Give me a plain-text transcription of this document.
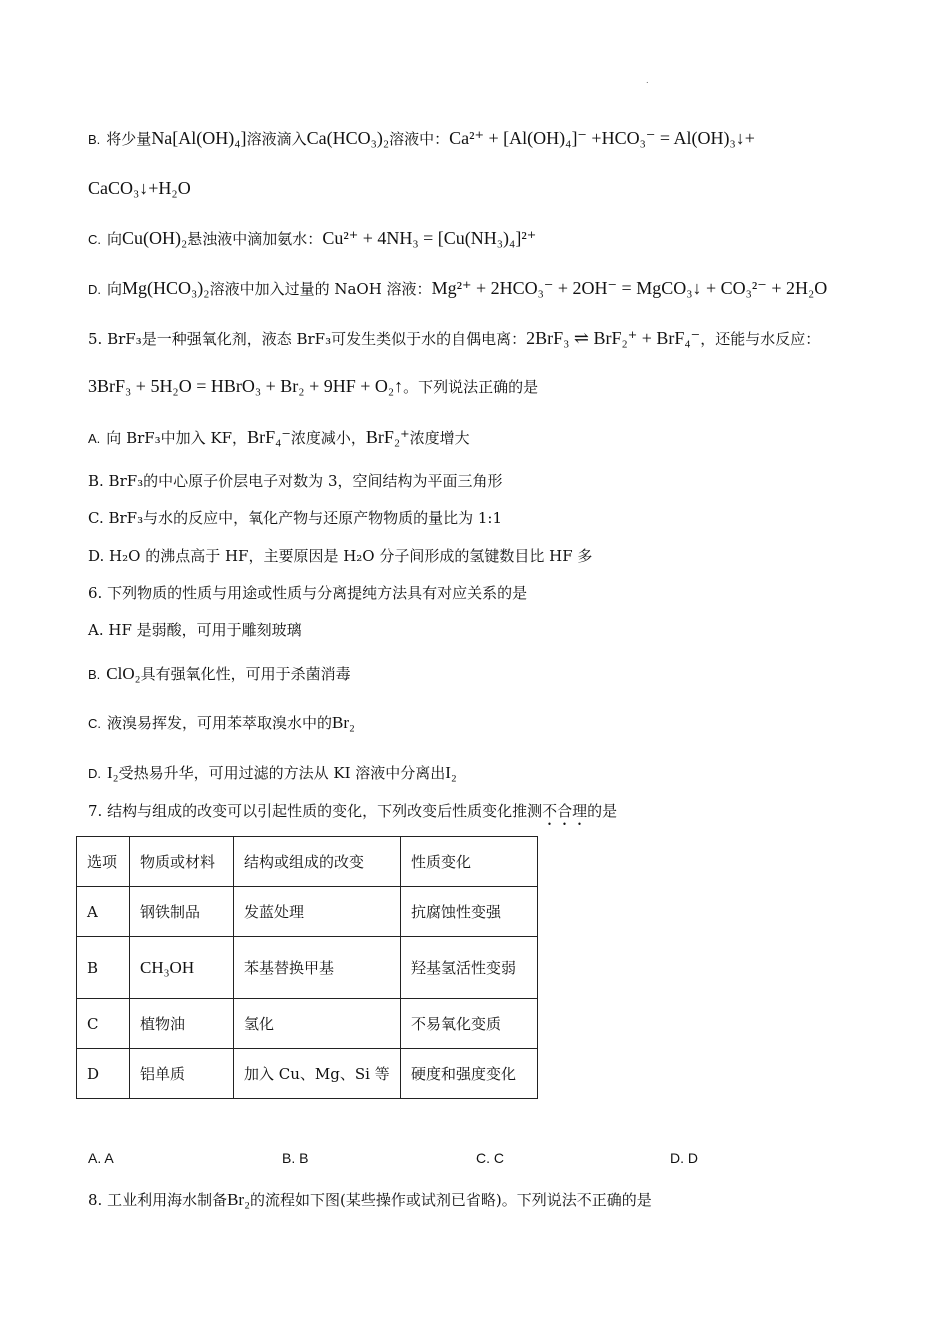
.
B. 将少量Na[Al(OH)₄]溶液滴入Ca(HCO₃)₂溶液中：Ca²⁺ + [Al(OH)₄]⁻ +HCO₃⁻ = Al(OH)₃↓+
CaCO₃↓+H₂O
C. 向Cu(OH)₂悬浊液中滴加氨水：Cu²⁺ + 4NH₃ = [Cu(NH₃)₄]²⁺
D. 向Mg(HCO₃)₂溶液中加入过量的 NaOH 溶液：Mg²⁺ + 2HCO₃⁻ + 2OH⁻ = MgCO₃↓ + CO₃²⁻ + 2H₂O
5. BrF₃是一种强氧化剂，液态 BrF₃可发生类似于水的自偶电离：2BrF₃ ⇌ BrF₂⁺ + BrF₄⁻，还能与水反应：
3BrF₃ + 5H₂O = HBrO₃ + Br₂ + 9HF + O₂↑。下列说法正确的是
A. 向 BrF₃中加入 KF，BrF₄⁻浓度减小，BrF₂⁺浓度增大
B. BrF₃的中心原子价层电子对数为 3，空间结构为平面三角形
C. BrF₃与水的反应中，氧化产物与还原产物物质的量比为 1:1
D. H₂O 的沸点高于 HF，主要原因是 H₂O 分子间形成的氢键数目比 HF 多
6. 下列物质的性质与用途或性质与分离提纯方法具有对应关系的是
A. HF 是弱酸，可用于雕刻玻璃
B. ClO₂具有强氧化性，可用于杀菌消毒
C. 液溴易挥发，可用苯萃取溴水中的Br₂
D. I₂受热易升华，可用过滤的方法从 KI 溶液中分离出I₂
7. 结构与组成的改变可以引起性质的变化，下列改变后性质变化推测不合理的是
选项	物质或材料	结构或组成的改变	性质变化
A	钢铁制品	发蓝处理	抗腐蚀性变强
B	CH₃OH	苯基替换甲基	羟基氢活性变弱
C	植物油	氢化	不易氧化变质
D	铝单质	加入 Cu、Mg、Si 等	硬度和强度变化
A. A	B. B	C. C	D. D
8. 工业利用海水制备Br₂的流程如下图(某些操作或试剂已省略)。下列说法不正确的是
